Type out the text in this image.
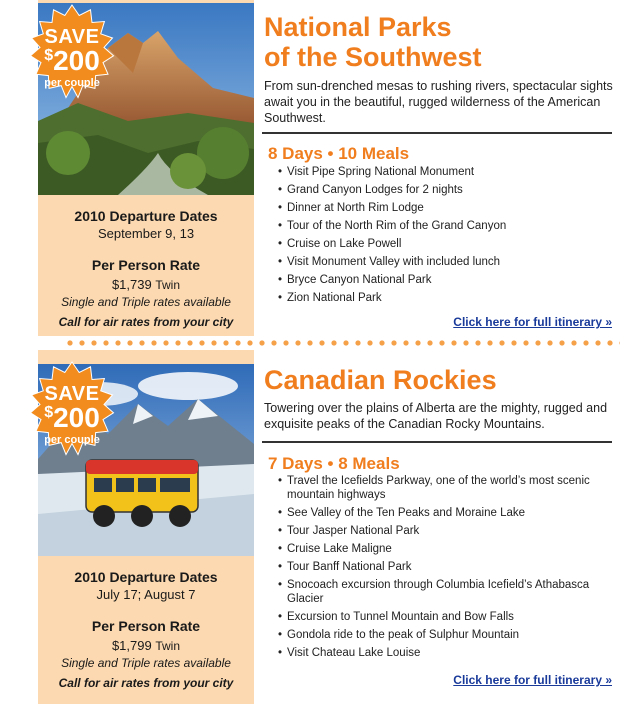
SAVE
$200
per couple
2010 Departure Dates
September 9, 13
Per Person Rate
$1,739 Twin
Single and Triple rates available
Call for air rates from your city
National Parks
of the Southwest
From sun-drenched mesas to rushing rivers, spectacular sights await you in the beautiful, rugged wilderness of the American Southwest.
8 Days • 10 Meals
• Visit Pipe Spring National Monument
• Grand Canyon Lodges for 2 nights
• Dinner at North Rim Lodge
• Tour of the North Rim of the Grand Canyon
• Cruise on Lake Powell
• Visit Monument Valley with included lunch
• Bryce Canyon National Park
• Zion National Park
Click here for full itinerary »
SAVE
$200
per couple
2010 Departure Dates
July 17; August 7
Per Person Rate
$1,799 Twin
Single and Triple rates available
Call for air rates from your city
Canadian Rockies
Towering over the plains of Alberta are the mighty, rugged and exquisite peaks of the Canadian Rocky Mountains.
7 Days • 8 Meals
• Travel the Icefields Parkway, one of the world’s most scenic mountain highways
• See Valley of the Ten Peaks and Moraine Lake
• Tour Jasper National Park
• Cruise Lake Maligne
• Tour Banff National Park
• Snocoach excursion through Columbia Icefield’s Athabasca Glacier
• Excursion to Tunnel Mountain and Bow Falls
• Gondola ride to the peak of Sulphur Mountain
• Visit Chateau Lake Louise
Click here for full itinerary »
